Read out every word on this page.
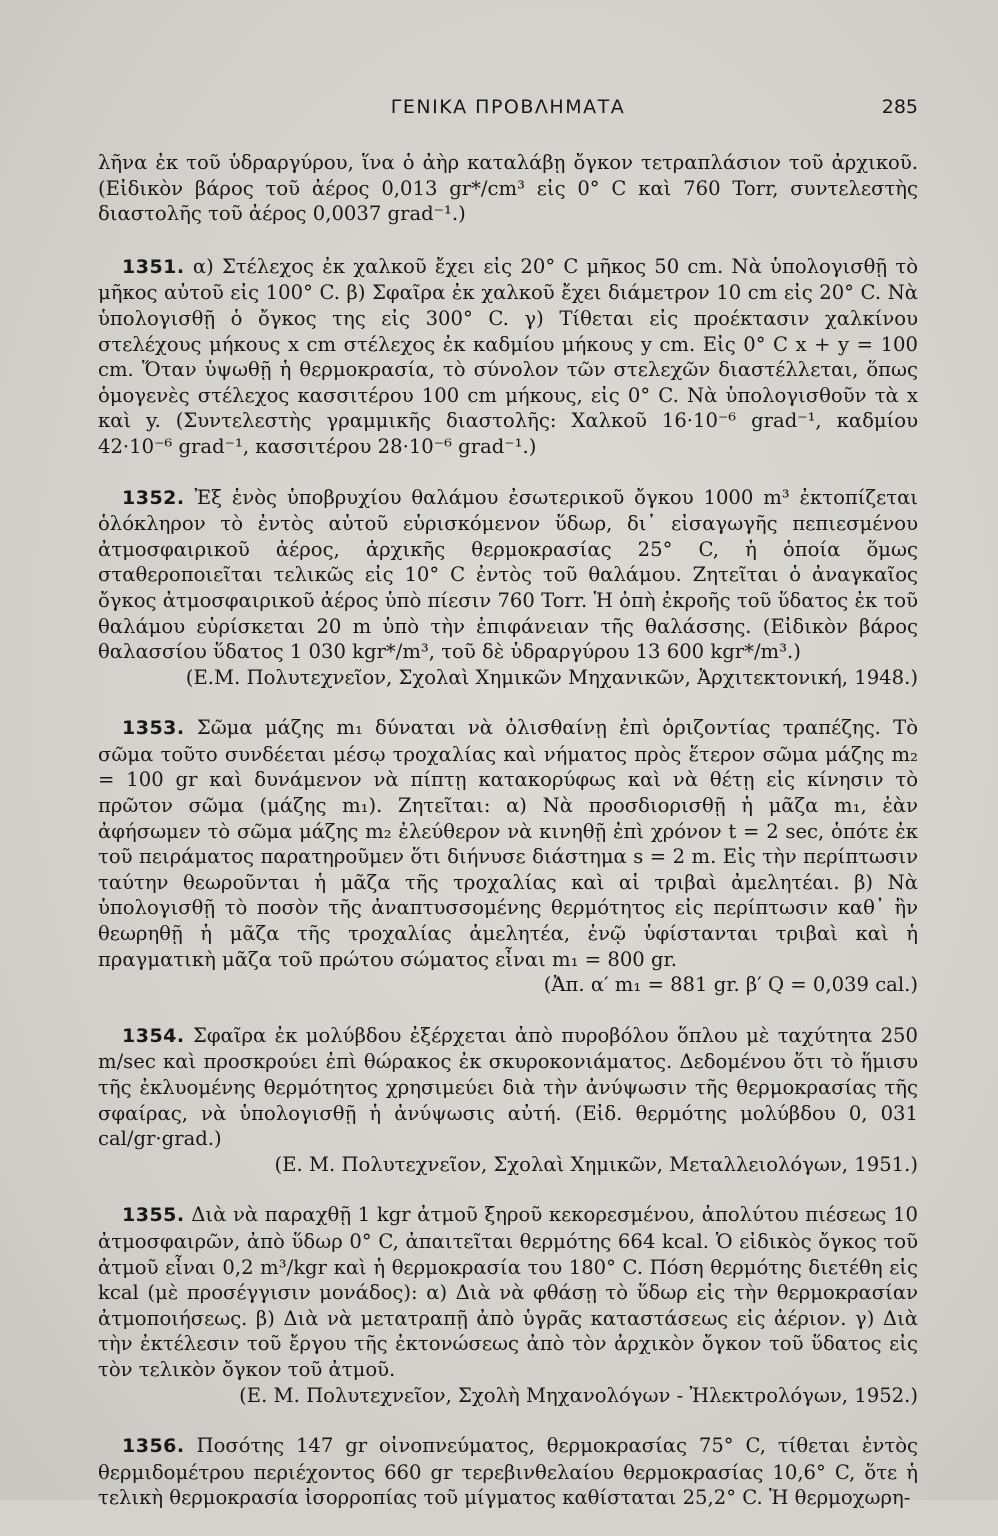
ΓΕΝΙΚΑ ΠΡΟΒΛΗΜΑΤΑ	285

λῆνα ἐκ τοῦ ὑδραργύρου, ἵνα ὁ ἀὴρ καταλάβῃ ὄγκον τετραπλάσιον τοῦ ἀρχικοῦ. (Εἰδικὸν βάρος τοῦ ἀέρος 0,013 gr*/cm³ εἰς 0° C καὶ 760 Torr, συντελεστὴς διαστολῆς τοῦ ἀέρος 0,0037 grad⁻¹.)

1351. α) Στέλεχος ἐκ χαλκοῦ ἔχει εἰς 20° C μῆκος 50 cm. Νὰ ὑπολογισθῇ τὸ μῆκος αὐτοῦ εἰς 100° C. β) Σφαῖρα ἐκ χαλκοῦ ἔχει διάμετρον 10 cm εἰς 20° C. Νὰ ὑπολογισθῇ ὁ ὄγκος της εἰς 300° C. γ) Τίθεται εἰς προέκτασιν χαλκίνου στελέχους μήκους x cm στέλεχος ἐκ καδμίου μήκους y cm. Εἰς 0° C x + y = 100 cm. Ὅταν ὑψωθῇ ἡ θερμοκρασία, τὸ σύνολον τῶν στελεχῶν διαστέλλεται, ὅπως ὁμογενὲς στέλεχος κασσιτέρου 100 cm μήκους, εἰς 0° C. Νὰ ὑπολογισθοῦν τὰ x καὶ y. (Συντελεστὴς γραμμικῆς διαστολῆς: Χαλκοῦ 16·10⁻⁶ grad⁻¹, καδμίου 42·10⁻⁶ grad⁻¹, κασσιτέρου 28·10⁻⁶ grad⁻¹.)

1352. Ἐξ ἑνὸς ὑποβρυχίου θαλάμου ἐσωτερικοῦ ὄγκου 1000 m³ ἐκτοπίζεται ὁλόκληρον τὸ ἐντὸς αὐτοῦ εὑρισκόμενον ὕδωρ, δι᾽ εἰσαγωγῆς πεπιεσμένου ἀτμοσφαιρικοῦ ἀέρος, ἀρχικῆς θερμοκρασίας 25° C, ἡ ὁποία ὅμως σταθεροποιεῖται τελικῶς εἰς 10° C ἐντὸς τοῦ θαλάμου. Ζητεῖται ὁ ἀναγκαῖος ὄγκος ἀτμοσφαιρικοῦ ἀέρος ὑπὸ πίεσιν 760 Torr. Ἡ ὀπὴ ἐκροῆς τοῦ ὕδατος ἐκ τοῦ θαλάμου εὑρίσκεται 20 m ὑπὸ τὴν ἐπιφάνειαν τῆς θαλάσσης. (Εἰδικὸν βάρος θαλασσίου ὕδατος 1 030 kgr*/m³, τοῦ δὲ ὑδραργύρου 13 600 kgr*/m³.)
(Ε.Μ. Πολυτεχνεῖον, Σχολαὶ Χημικῶν Μηχανικῶν, Ἀρχιτεκτονική, 1948.)

1353. Σῶμα μάζης m₁ δύναται νὰ ὀλισθαίνῃ ἐπὶ ὁριζοντίας τραπέζης. Τὸ σῶμα τοῦτο συνδέεται μέσῳ τροχαλίας καὶ νήματος πρὸς ἕτερον σῶμα μάζης m₂ = 100 gr καὶ δυνάμενον νὰ πίπτῃ κατακορύφως καὶ νὰ θέτῃ εἰς κίνησιν τὸ πρῶτον σῶμα (μάζης m₁). Ζητεῖται: α) Νὰ προσδιορισθῇ ἡ μᾶζα m₁, ἐὰν ἀφήσωμεν τὸ σῶμα μάζης m₂ ἐλεύθερον νὰ κινηθῇ ἐπὶ χρόνον t = 2 sec, ὁπότε ἐκ τοῦ πειράματος παρατηροῦμεν ὅτι διήνυσε διάστημα s = 2 m. Εἰς τὴν περίπτωσιν ταύτην θεωροῦνται ἡ μᾶζα τῆς τροχαλίας καὶ αἱ τριβαὶ ἀμελητέαι. β) Νὰ ὑπολογισθῇ τὸ ποσὸν τῆς ἀναπτυσσομένης θερμότητος εἰς περίπτωσιν καθ᾽ ἣν θεωρηθῇ ἡ μᾶζα τῆς τροχαλίας ἀμελητέα, ἐνῷ ὑφίστανται τριβαὶ καὶ ἡ πραγματικὴ μᾶζα τοῦ πρώτου σώματος εἶναι m₁ = 800 gr.
(Ἀπ. α′ m₁ = 881 gr. β′ Q = 0,039 cal.)

1354. Σφαῖρα ἐκ μολύβδου ἐξέρχεται ἀπὸ πυροβόλου ὅπλου μὲ ταχύτητα 250 m/sec καὶ προσκρούει ἐπὶ θώρακος ἐκ σκυροκονιάματος. Δεδομένου ὅτι τὸ ἥμισυ τῆς ἐκλυομένης θερμότητος χρησιμεύει διὰ τὴν ἀνύψωσιν τῆς θερμοκρασίας τῆς σφαίρας, νὰ ὑπολογισθῇ ἡ ἀνύψωσις αὐτή. (Εἰδ. θερμότης μολύβδου 0, 031 cal/gr·grad.)
(Ε. Μ. Πολυτεχνεῖον, Σχολαὶ Χημικῶν, Μεταλλειολόγων, 1951.)

1355. Διὰ νὰ παραχθῇ 1 kgr ἀτμοῦ ξηροῦ κεκορεσμένου, ἀπολύτου πιέσεως 10 ἀτμοσφαιρῶν, ἀπὸ ὕδωρ 0° C, ἀπαιτεῖται θερμότης 664 kcal. Ὁ εἰδικὸς ὄγκος τοῦ ἀτμοῦ εἶναι 0,2 m³/kgr καὶ ἡ θερμοκρασία του 180° C. Πόση θερμότης διετέθη εἰς kcal (μὲ προσέγγισιν μονάδος): α) Διὰ νὰ φθάσῃ τὸ ὕδωρ εἰς τὴν θερμοκρασίαν ἀτμοποιήσεως. β) Διὰ νὰ μετατραπῇ ἀπὸ ὑγρᾶς καταστάσεως εἰς ἀέριον. γ) Διὰ τὴν ἐκτέλεσιν τοῦ ἔργου τῆς ἐκτονώσεως ἀπὸ τὸν ἀρχικὸν ὄγκον τοῦ ὕδατος εἰς τὸν τελικὸν ὄγκον τοῦ ἀτμοῦ.
(Ε. Μ. Πολυτεχνεῖον, Σχολὴ Μηχανολόγων - Ἠλεκτρολόγων, 1952.)

1356. Ποσότης 147 gr οἰνοπνεύματος, θερμοκρασίας 75° C, τίθεται ἐντὸς θερμιδομέτρου περιέχοντος 660 gr τερεβινθελαίου θερμοκρασίας 10,6° C, ὅτε ἡ τελικὴ θερμοκρασία ἰσορροπίας τοῦ μίγματος καθίσταται 25,2° C. Ἡ θερμοχωρη-
